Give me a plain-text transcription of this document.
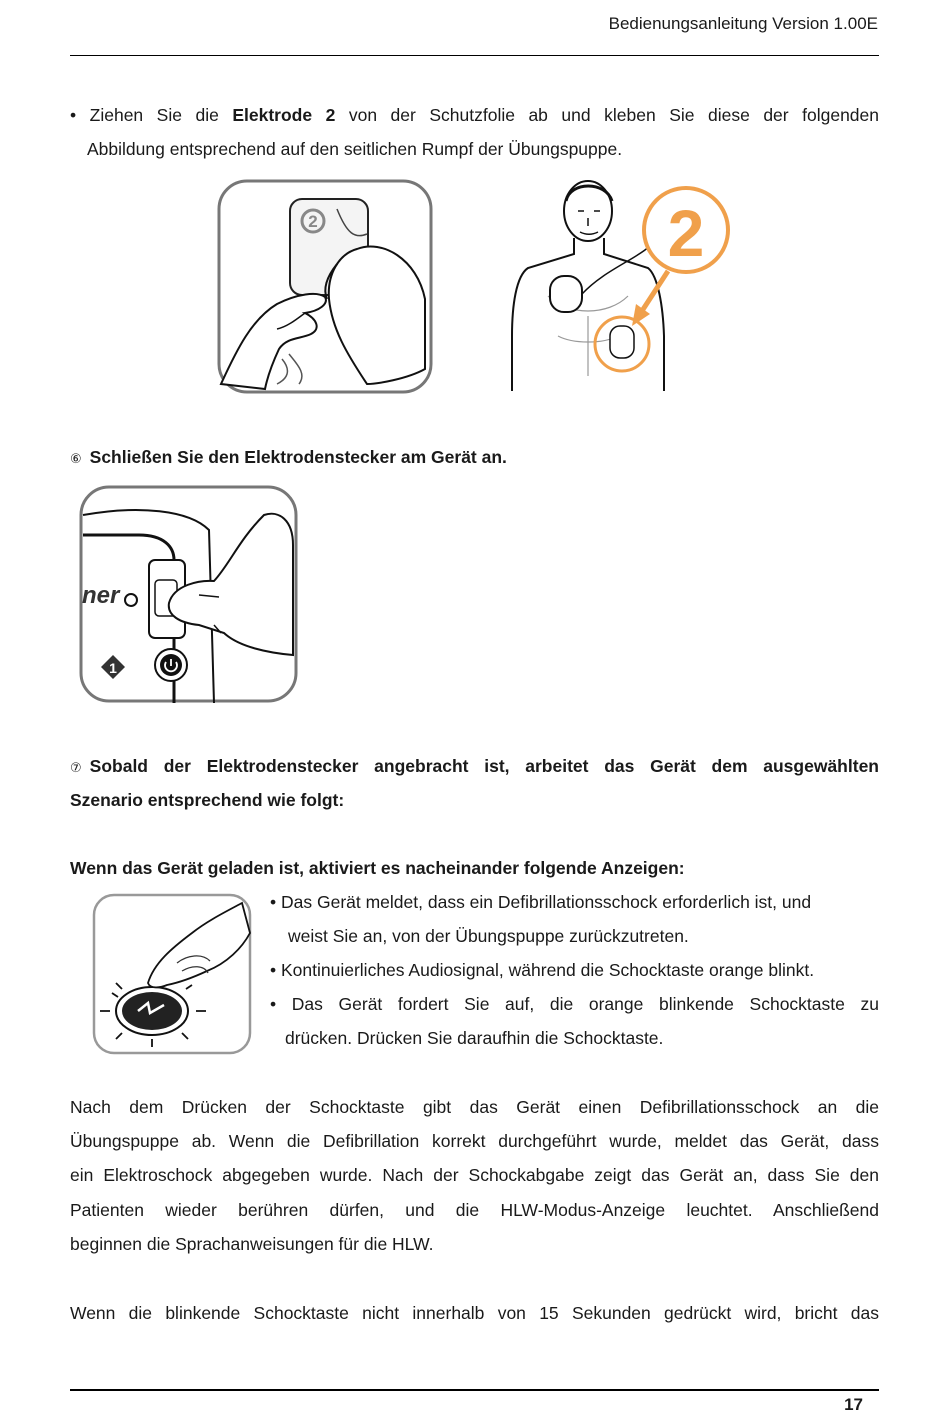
Bedienungsanleitung Version 1.00E
• Ziehen Sie die Elektrode 2 von der Schutzfolie ab und kleben Sie diese der folgenden
Abbildung entsprechend auf den seitlichen Rumpf der Übungspuppe.
2	2
⑥ Schließen Sie den Elektrodenstecker am Gerät an.
ner
1
⑦ Sobald der Elektrodenstecker angebracht ist, arbeitet das Gerät dem ausgewählten
Szenario entsprechend wie folgt:
Wenn das Gerät geladen ist, aktiviert es nacheinander folgende Anzeigen:
• Das Gerät meldet, dass ein Defibrillationsschock erforderlich ist, und
weist Sie an, von der Übungspuppe zurückzutreten.
• Kontinuierliches Audiosignal, während die Schocktaste orange blinkt.
• Das Gerät fordert Sie auf, die orange blinkende Schocktaste zu
drücken. Drücken Sie daraufhin die Schocktaste.
Nach dem Drücken der Schocktaste gibt das Gerät einen Defibrillationsschock an die
Übungspuppe ab. Wenn die Defibrillation korrekt durchgeführt wurde, meldet das Gerät, dass
ein Elektroschock abgegeben wurde. Nach der Schockabgabe zeigt das Gerät an, dass Sie den
Patienten wieder berühren dürfen, und die HLW-Modus-Anzeige leuchtet. Anschließend
beginnen die Sprachanweisungen für die HLW.
Wenn die blinkende Schocktaste nicht innerhalb von 15 Sekunden gedrückt wird, bricht das
17
